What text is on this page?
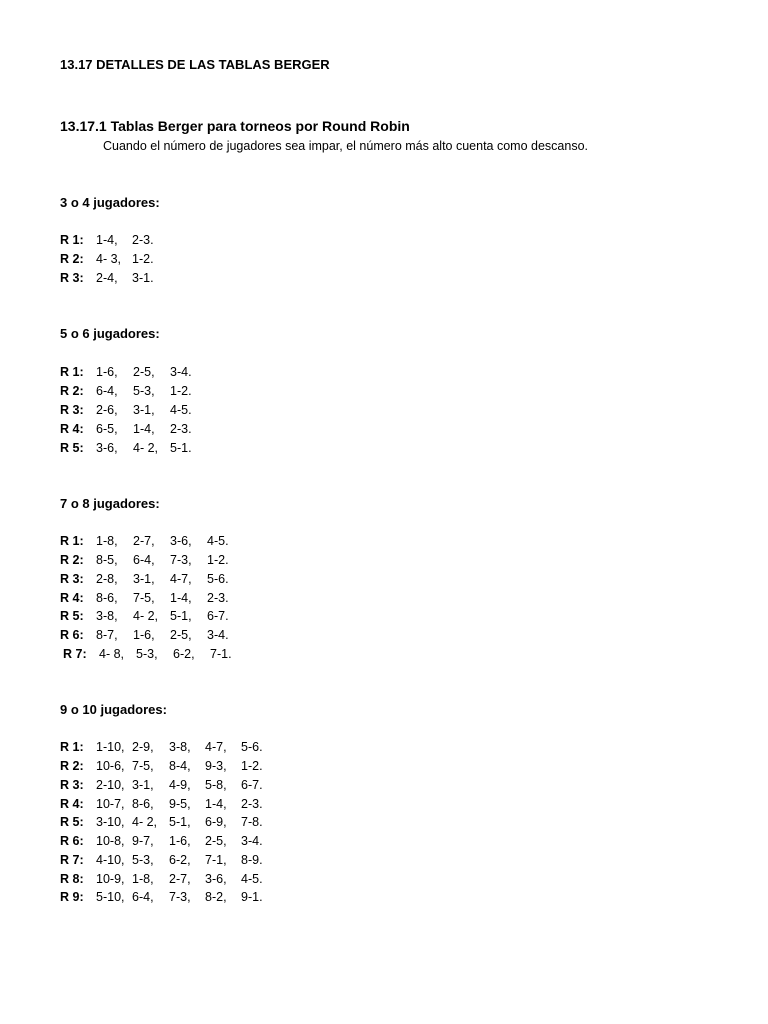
13.17 DETALLES DE LAS TABLAS BERGER
13.17.1 Tablas Berger para torneos por Round Robin
Cuando el número de jugadores sea impar, el número más alto cuenta como descanso.
3 o 4 jugadores:
R 1: 1-4, 2-3.
R 2: 4- 3, 1-2.
R 3: 2-4, 3-1.
5 o 6 jugadores:
R 1: 1-6, 2-5, 3-4.
R 2: 6-4, 5-3, 1-2.
R 3: 2-6, 3-1, 4-5.
R 4: 6-5, 1-4, 2-3.
R 5: 3-6, 4- 2, 5-1.
7 o 8 jugadores:
R 1: 1-8, 2-7, 3-6, 4-5.
R 2: 8-5, 6-4, 7-3, 1-2.
R 3: 2-8, 3-1, 4-7, 5-6.
R 4: 8-6, 7-5, 1-4, 2-3.
R 5: 3-8, 4- 2, 5-1, 6-7.
R 6: 8-7, 1-6, 2-5, 3-4.
R 7: 4- 8, 5-3, 6-2, 7-1.
9 o 10 jugadores:
R 1: 1-10, 2-9, 3-8, 4-7, 5-6.
R 2: 10-6, 7-5, 8-4, 9-3, 1-2.
R 3: 2-10, 3-1, 4-9, 5-8, 6-7.
R 4: 10-7, 8-6, 9-5, 1-4, 2-3.
R 5: 3-10, 4- 2, 5-1, 6-9, 7-8.
R 6: 10-8, 9-7, 1-6, 2-5, 3-4.
R 7: 4-10, 5-3, 6-2, 7-1, 8-9.
R 8: 10-9, 1-8, 2-7, 3-6, 4-5.
R 9: 5-10, 6-4, 7-3, 8-2, 9-1.
